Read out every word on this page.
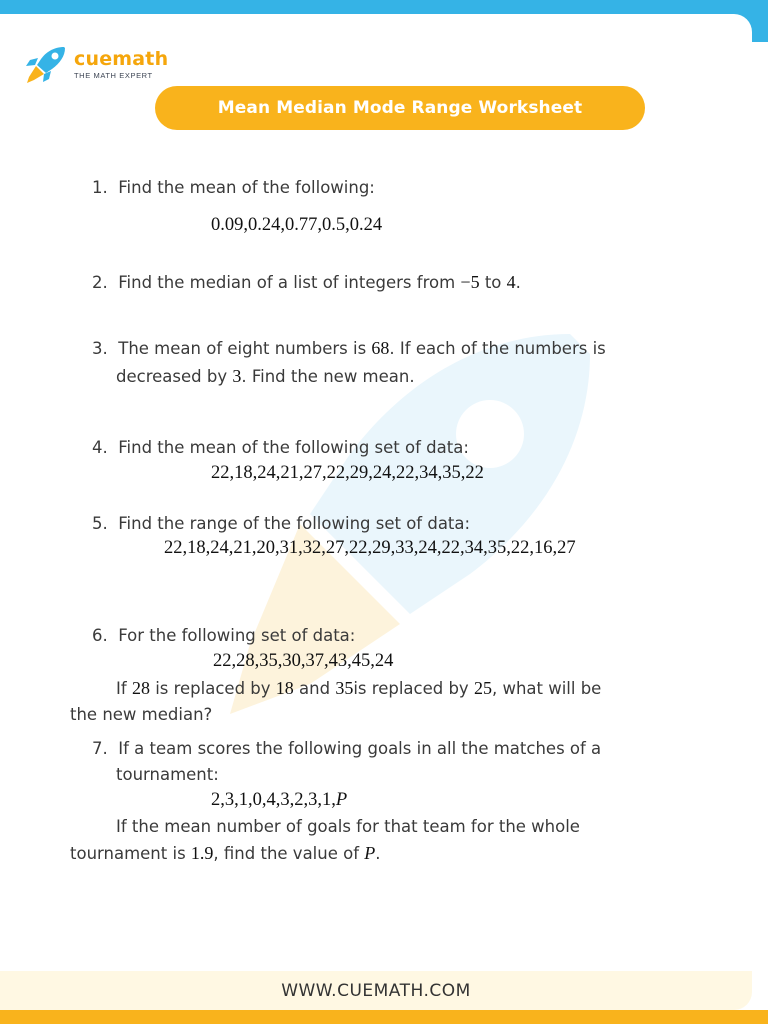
cuemath
THE MATH EXPERT
Mean Median Mode Range Worksheet
1. Find the mean of the following:
0.09,0.24,0.77,0.5,0.24
2. Find the median of a list of integers from −5 to 4.
3. The mean of eight numbers is 68. If each of the numbers is
decreased by 3. Find the new mean.
4. Find the mean of the following set of data:
22,18,24,21,27,22,29,24,22,34,35,22
5. Find the range of the following set of data:
22,18,24,21,20,31,32,27,22,29,33,24,22,34,35,22,16,27
6. For the following set of data:
22,28,35,30,37,43,45,24
If 28 is replaced by 18 and 35is replaced by 25, what will be
the new median?
7. If a team scores the following goals in all the matches of a
tournament:
2,3,1,0,4,3,2,3,1,P
If the mean number of goals for that team for the whole
tournament is 1.9, find the value of P.
WWW.CUEMATH.COM
